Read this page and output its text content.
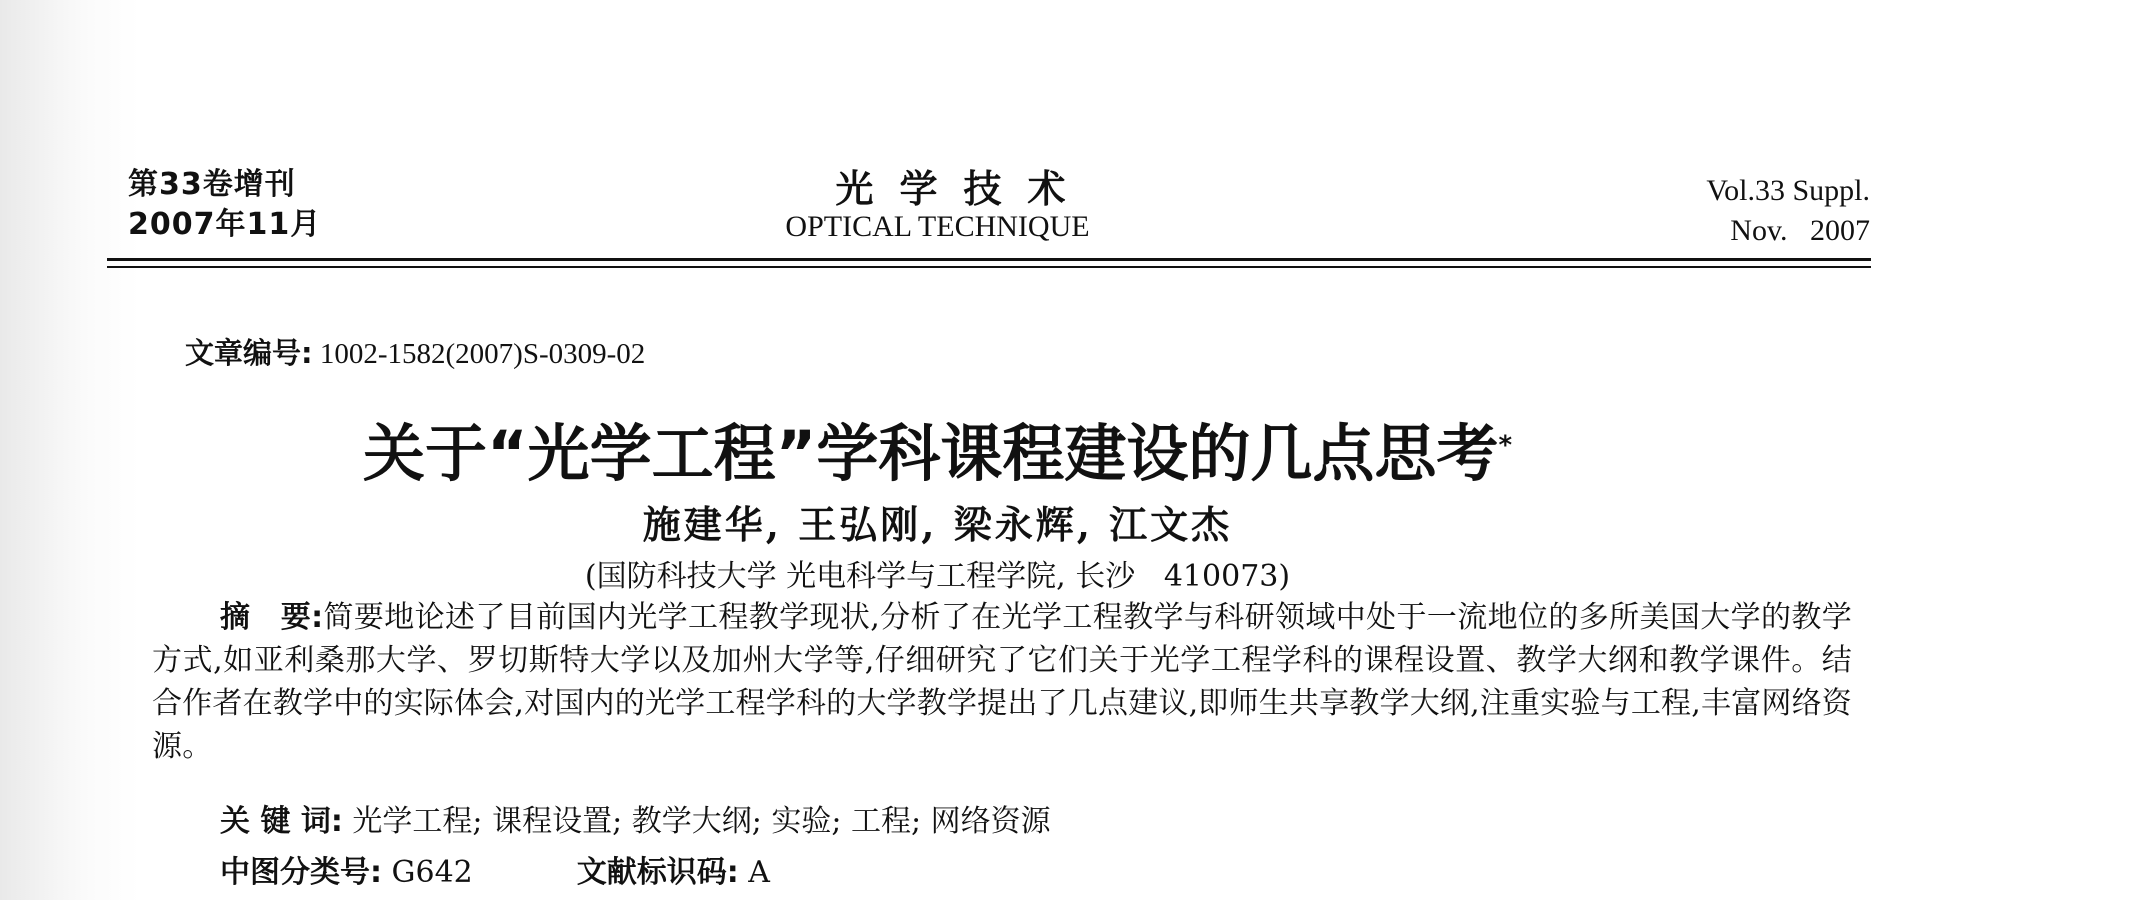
第33卷增刊
2007年11月
光学技术
OPTICAL TECHNIQUE
Vol.33 Suppl.
Nov.   2007
文章编号: 1002-1582(2007)S-0309-02
关于“光学工程”学科课程建设的几点思考*
施建华, 王弘刚, 梁永辉, 江文杰
(国防科技大学 光电科学与工程学院, 长沙   410073)
摘　要:简要地论述了目前国内光学工程教学现状,分析了在光学工程教学与科研领域中处于一流地位的多所美国大学的教学方式,如亚利桑那大学、罗切斯特大学以及加州大学等,仔细研究了它们关于光学工程学科的课程设置、教学大纲和教学课件。结合作者在教学中的实际体会,对国内的光学工程学科的大学教学提出了几点建议,即师生共享教学大纲,注重实验与工程,丰富网络资源。
关 键 词: 光学工程; 课程设置; 教学大纲; 实验; 工程; 网络资源
中图分类号: G642	文献标识码: A
